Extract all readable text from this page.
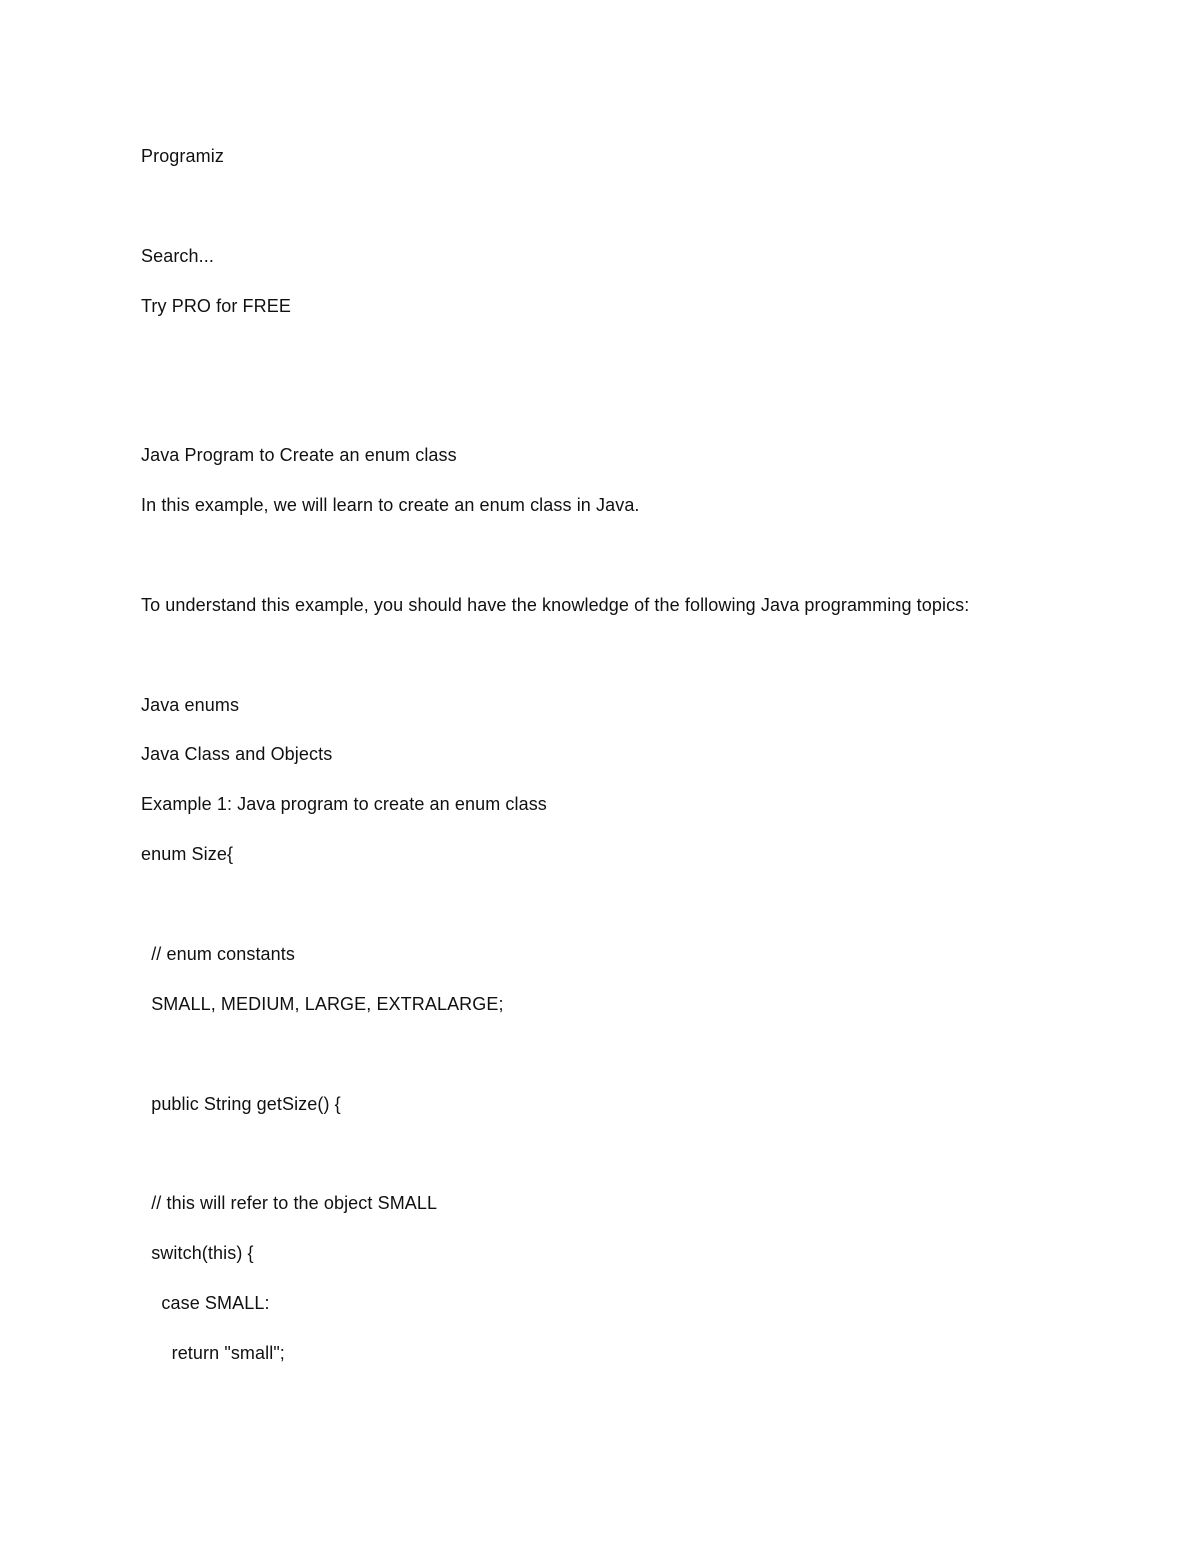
Programiz
Search...
Try PRO for FREE
Java Program to Create an enum class
In this example, we will learn to create an enum class in Java.
To understand this example, you should have the knowledge of the following Java programming topics:
Java enums
Java Class and Objects
Example 1: Java program to create an enum class
enum Size{
// enum constants
SMALL, MEDIUM, LARGE, EXTRALARGE;
public String getSize() {
// this will refer to the object SMALL
switch(this) {
case SMALL:
return "small";
